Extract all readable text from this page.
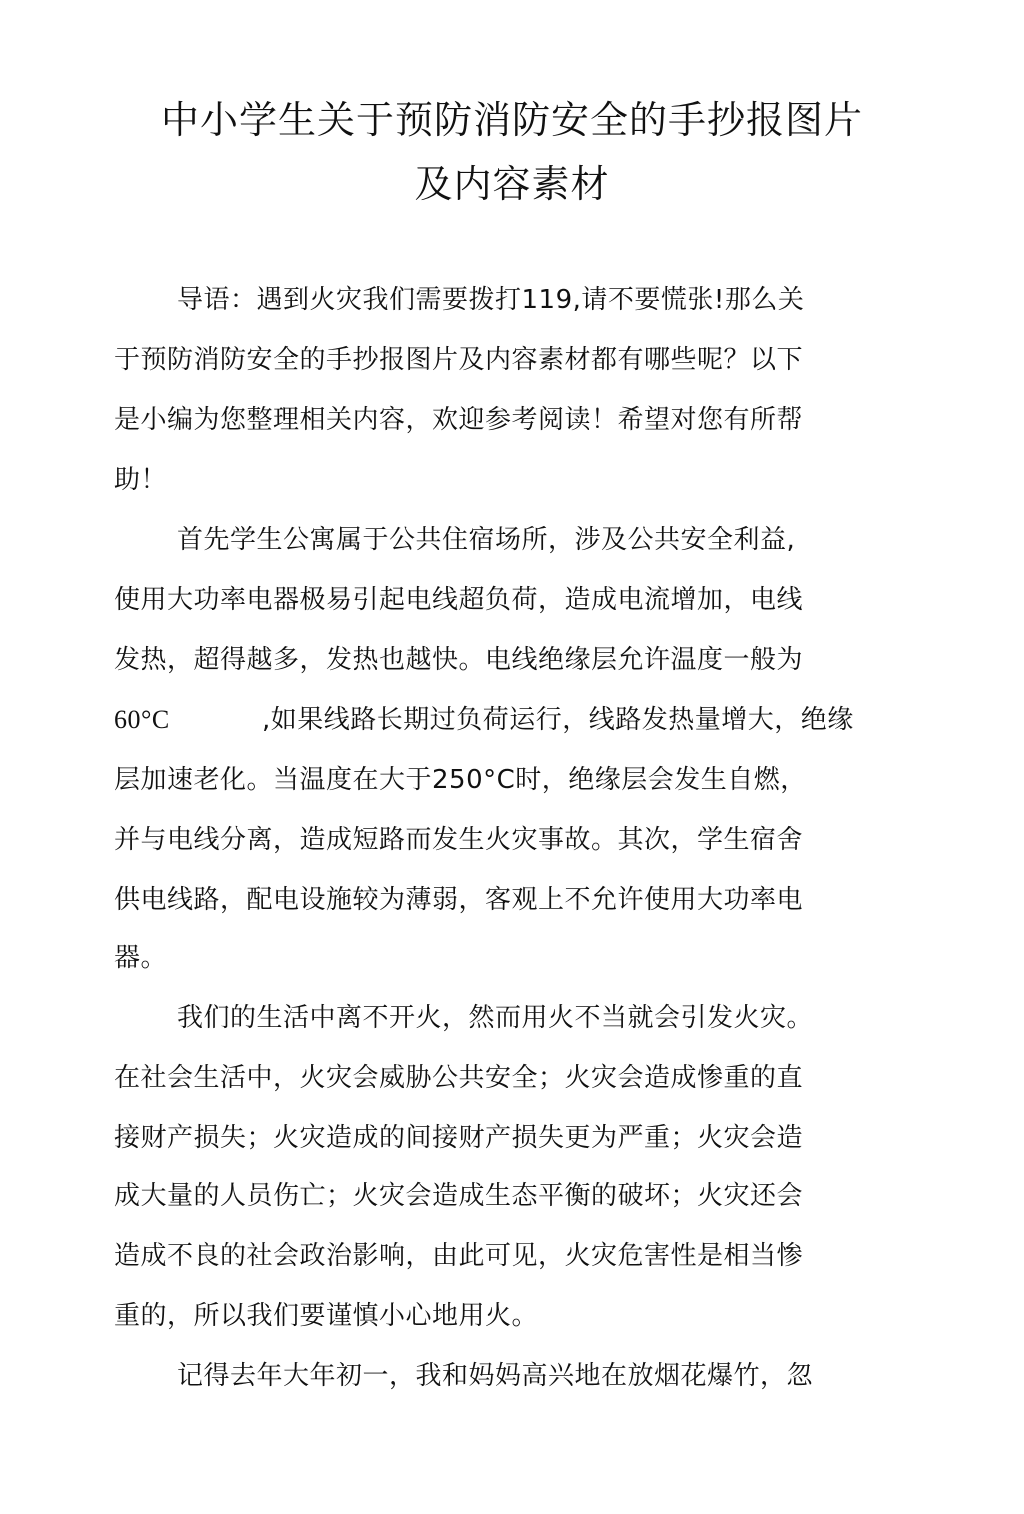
中小学生关于预防消防安全的手抄报图片
及内容素材

导语：遇到火灾我们需要拨打119,请不要慌张!那么关

于预防消防安全的手抄报图片及内容素材都有哪些呢？以下

是小编为您整理相关内容，欢迎参考阅读！希望对您有所帮

助！

首先学生公寓属于公共住宿场所，涉及公共安全利益,

使用大功率电器极易引起电线超负荷，造成电流增加，电线

发热，超得越多，发热也越快。电线绝缘层允许温度一般为

60°C	,如果线路长期过负荷运行，线路发热量增大，绝缘

层加速老化。当温度在大于250°C时，绝缘层会发生自燃，

并与电线分离，造成短路而发生火灾事故。其次，学生宿舍

供电线路，配电设施较为薄弱，客观上不允许使用大功率电

器。

我们的生活中离不开火，然而用火不当就会引发火灾。

在社会生活中，火灾会威胁公共安全；火灾会造成惨重的直

接财产损失；火灾造成的间接财产损失更为严重；火灾会造

成大量的人员伤亡；火灾会造成生态平衡的破坏；火灾还会

造成不良的社会政治影响，由此可见，火灾危害性是相当惨

重的，所以我们要谨慎小心地用火。

记得去年大年初一，我和妈妈高兴地在放烟花爆竹，忽
